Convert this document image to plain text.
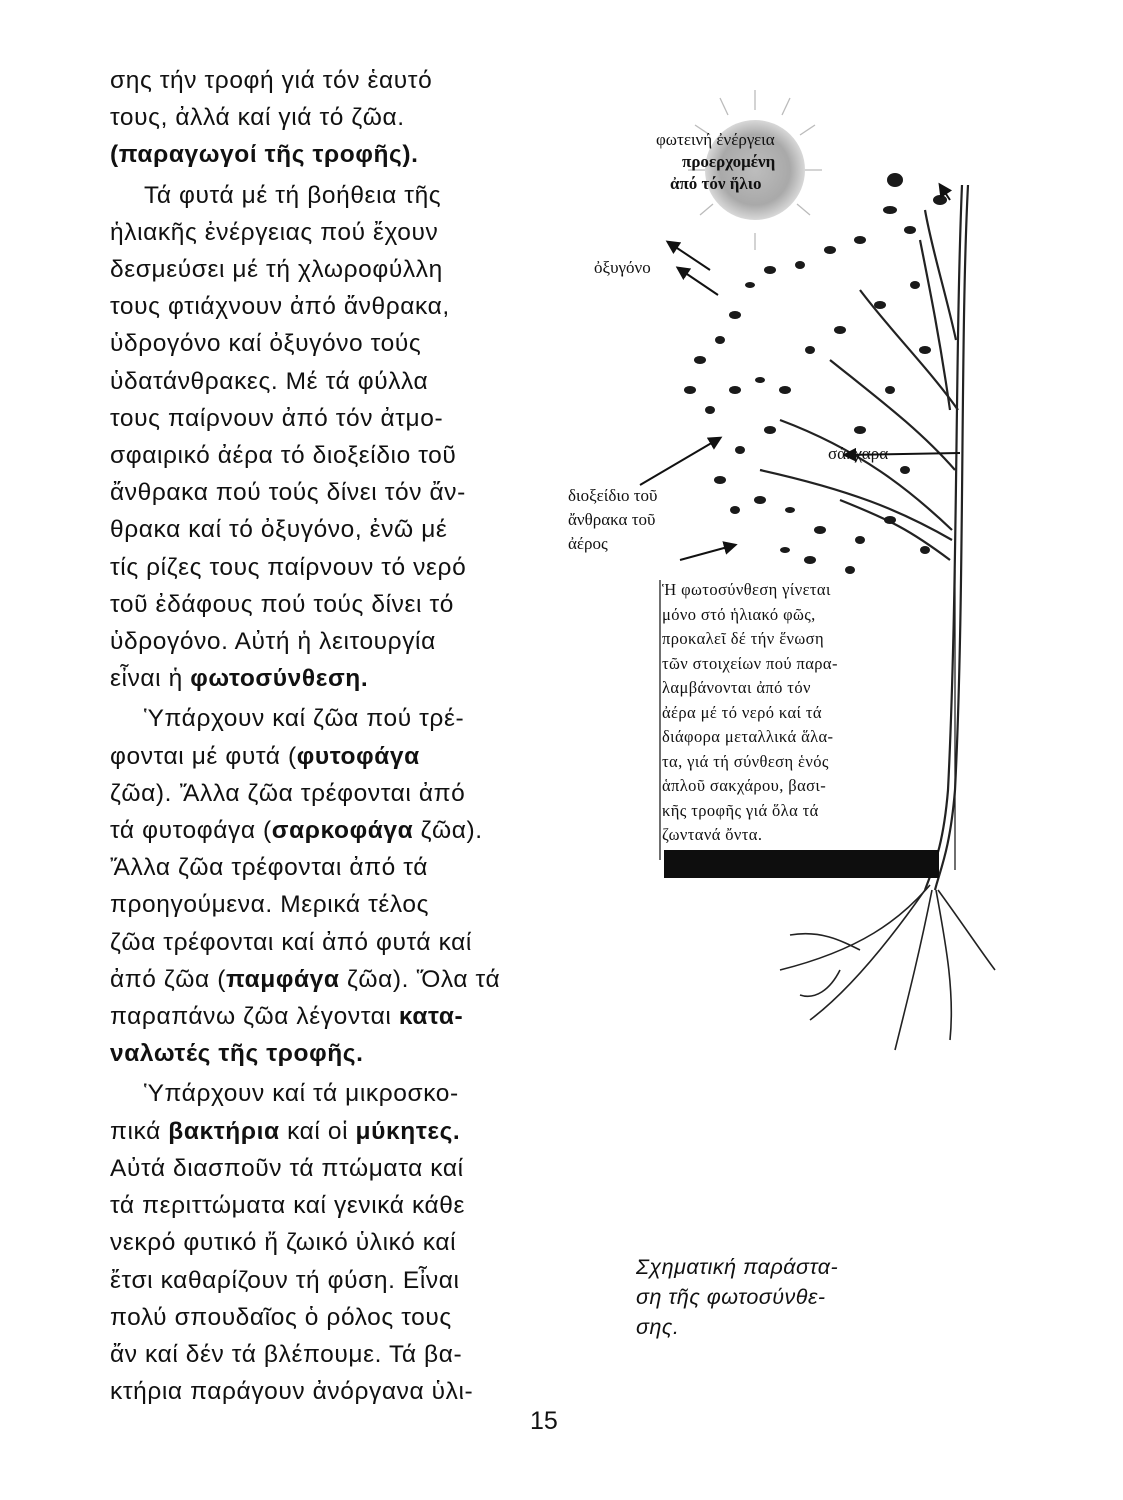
σης τήν τροφή γιά τόν ἑαυτό
τους, ἀλλά καί γιά τό ζῶα.
(παραγωγοί τῆς τροφῆς).

Τά φυτά μέ τή βοήθεια τῆς
ἡλιακῆς ἐνέργειας πού ἔχουν
δεσμεύσει μέ τή χλωροφύλλη
τους φτιάχνουν ἀπό ἄνθρακα,
ὑδρογόνο καί ὀξυγόνο τούς
ὑδατάνθρακες. Μέ τά φύλλα
τους παίρνουν ἀπό τόν ἀτμο-
σφαιρικό ἀέρα τό διοξείδιο τοῦ
ἄνθρακα πού τούς δίνει τόν ἄν-
θρακα καί τό ὀξυγόνο, ἐνῶ μέ
τίς ρίζες τους παίρνουν τό νερό
τοῦ ἐδάφους πού τούς δίνει τό
ὑδρογόνο. Αὐτή ἡ λειτουργία
εἶναι ἡ φωτοσύνθεση.

Ὑπάρχουν καί ζῶα πού τρέ-
φονται μέ φυτά (φυτοφάγα
ζῶα). Ἄλλα ζῶα τρέφονται ἀπό
τά φυτοφάγα (σαρκοφάγα ζῶα).
Ἄλλα ζῶα τρέφονται ἀπό τά
προηγούμενα. Μερικά τέλος
ζῶα τρέφονται καί ἀπό φυτά καί
ἀπό ζῶα (παμφάγα ζῶα). Ὅλα τά
παραπάνω ζῶα λέγονται κατα-
ναλωτές τῆς τροφῆς.

Ὑπάρχουν καί τά μικροσκο-
πικά βακτήρια καί οἱ μύκητες.
Αὐτά διασποῦν τά πτώματα καί
τά περιττώματα καί γενικά κάθε
νεκρό φυτικό ἤ ζωικό ὑλικό καί
ἔτσι καθαρίζουν τή φύση. Εἶναι
πολύ σπουδαῖος ὁ ρόλος τους
ἄν καί δέν τά βλέπουμε. Τά βα-
κτήρια παράγουν ἀνόργανα ὑλι-

φωτεινή ἐνέργεια
προερχομένη
ἀπό τόν ἥλιο
ὀξυγόνο
σάκχαρα
διοξείδιο τοῦ
ἄνθρακα τοῦ
ἀέρος
Ἡ φωτοσύνθεση γίνεται
μόνο στό ἡλιακό φῶς,
προκαλεῖ δέ τήν ἕνωση
τῶν στοιχείων πού παρα-
λαμβάνονται ἀπό τόν
ἀέρα μέ τό νερό καί τά
διάφορα μεταλλικά ἅλα-
τα, γιά τή σύνθεση ἑνός
ἁπλοῦ σακχάρου, βασι-
κῆς τροφῆς γιά ὅλα τά
ζωντανά ὄντα.
Σχηματική παράστα-
ση τῆς φωτοσύνθε-
σης.
15
